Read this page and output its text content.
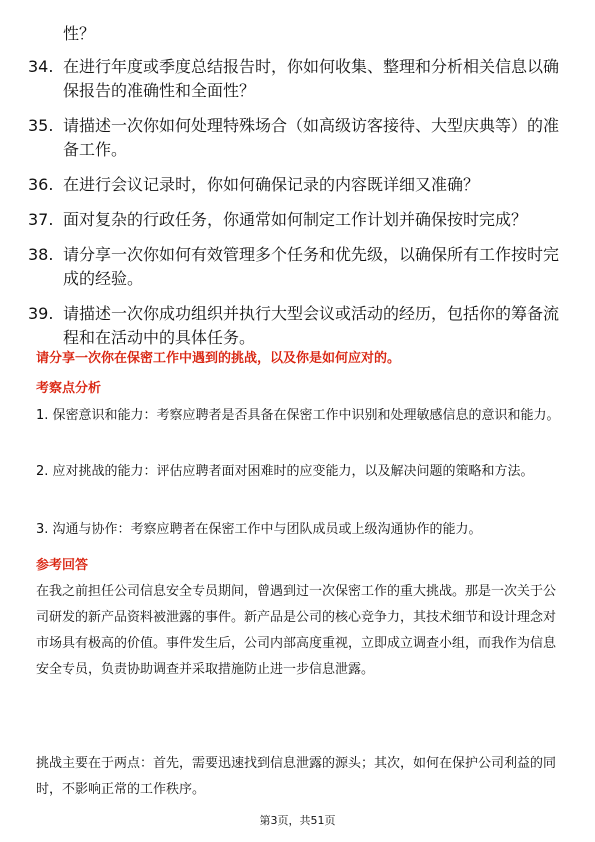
性？
34. 在进行年度或季度总结报告时，你如何收集、整理和分析相关信息以确保报告的准确性和全面性？
35. 请描述一次你如何处理特殊场合（如高级访客接待、大型庆典等）的准备工作。
36. 在进行会议记录时，你如何确保记录的内容既详细又准确？
37. 面对复杂的行政任务，你通常如何制定工作计划并确保按时完成？
38. 请分享一次你如何有效管理多个任务和优先级，以确保所有工作按时完成的经验。
39. 请描述一次你成功组织并执行大型会议或活动的经历，包括你的筹备流程和在活动中的具体任务。
请分享一次你在保密工作中遇到的挑战，以及你是如何应对的。
考察点分析
1. 保密意识和能力：考察应聘者是否具备在保密工作中识别和处理敏感信息的意识和能力。
2. 应对挑战的能力：评估应聘者面对困难时的应变能力，以及解决问题的策略和方法。
3. 沟通与协作：考察应聘者在保密工作中与团队成员或上级沟通协作的能力。
参考回答
在我之前担任公司信息安全专员期间，曾遇到过一次保密工作的重大挑战。那是一次关于公司研发的新产品资料被泄露的事件。新产品是公司的核心竞争力，其技术细节和设计理念对市场具有极高的价值。事件发生后，公司内部高度重视，立即成立调查小组，而我作为信息安全专员，负责协助调查并采取措施防止进一步信息泄露。
挑战主要在于两点：首先，需要迅速找到信息泄露的源头；其次，如何在保护公司利益的同时，不影响正常的工作秩序。
第3页，共51页
